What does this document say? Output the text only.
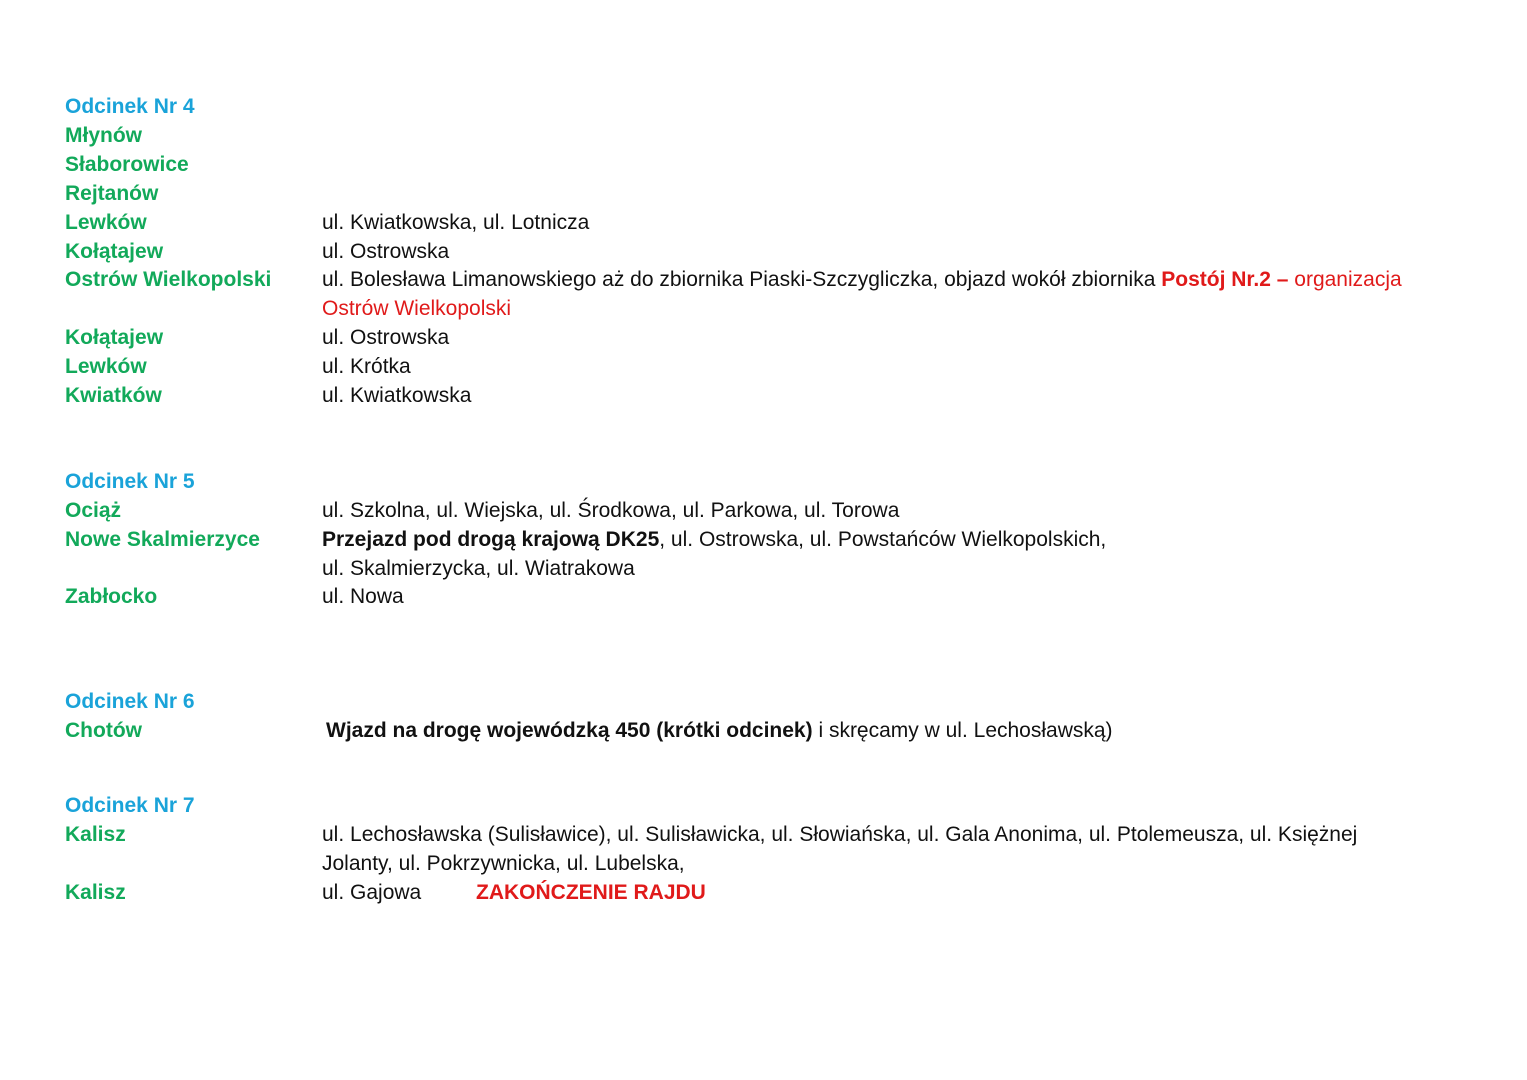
Odcinek Nr 4
Młynów
Słaborowice
Rejtanów
Lewków	ul. Kwiatkowska, ul. Lotnicza
Kołątajew	ul. Ostrowska
Ostrów Wielkopolski ul. Bolesława Limanowskiego aż do zbiornika Piaski-Szczygliczka, objazd wokół zbiornika Postój Nr.2 – organizacja
Ostrów Wielkopolski
Kołątajew	ul. Ostrowska
Lewków	ul. Krótka
Kwiatków	ul. Kwiatkowska
Odcinek Nr 5
Ociąż	ul. Szkolna, ul. Wiejska, ul. Środkowa, ul. Parkowa, ul. Torowa
Nowe Skalmierzyce	Przejazd pod drogą krajową DK25, ul. Ostrowska, ul. Powstańców Wielkopolskich,
ul. Skalmierzycka, ul. Wiatrakowa
Zabłocko	ul. Nowa
Odcinek Nr 6
Chotów	Wjazd na drogę wojewódzką 450 (krótki odcinek) i skręcamy w ul. Lechosławską)
Odcinek Nr 7
Kalisz	ul. Lechosławska (Sulisławice), ul. Sulisławicka, ul. Słowiańska, ul. Gala Anonima, ul. Ptolemeusza, ul. Księżnej
Jolanty, ul. Pokrzywnicka, ul. Lubelska,
Kalisz	ul. Gajowa	ZAKOŃCZENIE RAJDU
